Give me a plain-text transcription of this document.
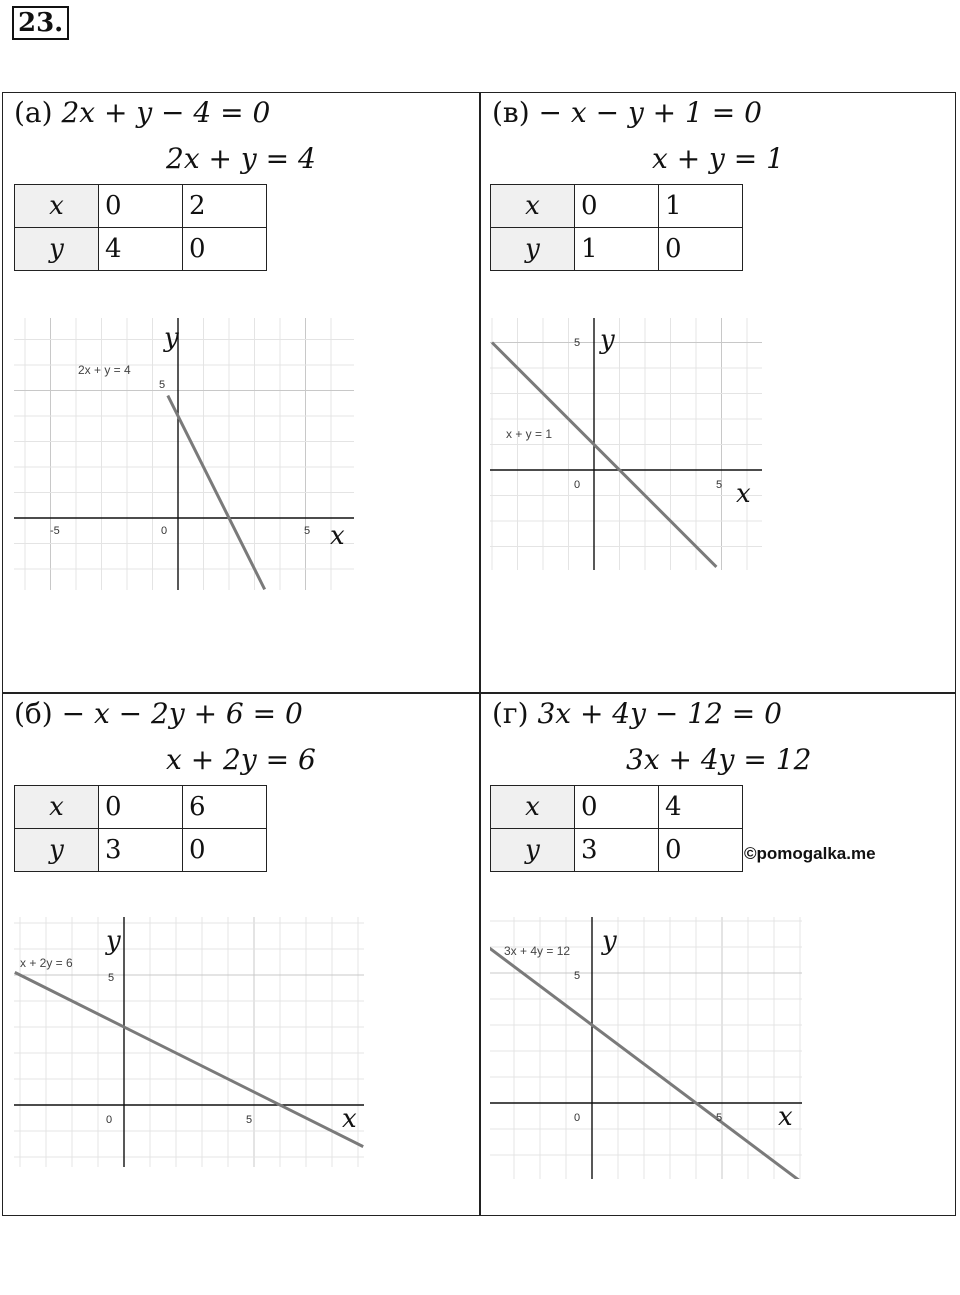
23.
(а) 2x + y − 4 = 0
2x + y = 4
x	0	2
y	4	0
-5	0	5
5
2x + y = 4
x
y
(в) − x − y + 1 = 0
x + y = 1
x	0	1
y	1	0
0	5
5
x + y = 1
x
y
(б) − x − 2y + 6 = 0
x + 2y = 6
x	0	6
y	3	0
0	5
5
x + 2y = 6
x
y
(г) 3x + 4y − 12 = 0
3x + 4y = 12
x	0	4
y	3	0
0	5
5
3x + 4y = 12
x
y
©pomogalka.me
